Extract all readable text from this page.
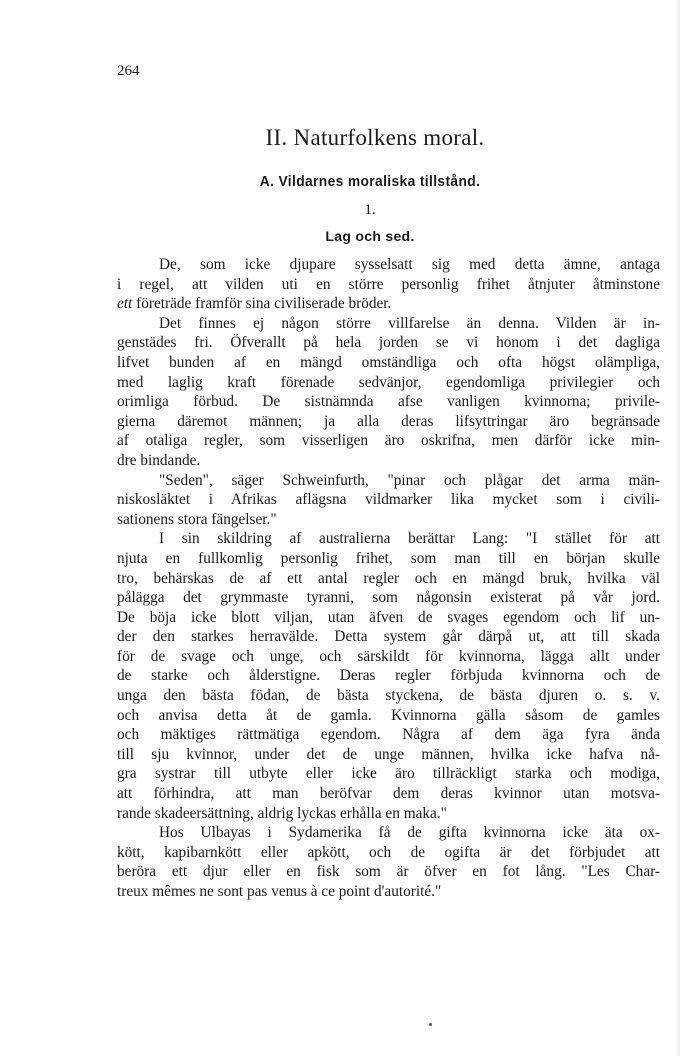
264
II. Naturfolkens moral.
A. Vildarnes moraliska tillstånd.
1.
Lag och sed.
De, som icke djupare sysselsatt sig med detta ämne, antaga
i regel, att vilden uti en större personlig frihet åtnjuter åtminstone
ett företräde framför sina civiliserade bröder.
Det finnes ej någon större villfarelse än denna. Vilden är in-
genstädes fri. Öfverallt på hela jorden se vi honom i det dagliga
lifvet bunden af en mängd omständliga och ofta högst olämpliga,
med laglig kraft förenade sedvänjor, egendomliga privilegier och
orimliga förbud. De sistnämnda afse vanligen kvinnorna; privile-
gierna däremot männen; ja alla deras lifsyttringar äro begränsade
af otaliga regler, som visserligen äro oskrifna, men därför icke min-
dre bindande.
"Seden", säger Schweinfurth, "pinar och plågar det arma män-
niskosläktet i Afrikas aflägsna vildmarker lika mycket som i civili-
sationens stora fängelser."
I sin skildring af australierna berättar Lang: "I stället för att
njuta en fullkomlig personlig frihet, som man till en början skulle
tro, behärskas de af ett antal regler och en mängd bruk, hvilka väl
pålägga det grymmaste tyranni, som någonsin existerat på vår jord.
De böja icke blott viljan, utan äfven de svages egendom och lif un-
der den starkes herravälde. Detta system går därpå ut, att till skada
för de svage och unge, och särskildt för kvinnorna, lägga allt under
de starke och ålderstigne. Deras regler förbjuda kvinnorna och de
unga den bästa födan, de bästa styckena, de bästa djuren o. s. v.
och anvisa detta åt de gamla. Kvinnorna gälla såsom de gamles
och mäktiges rättmätiga egendom. Några af dem äga fyra ända
till sju kvinnor, under det de unge männen, hvilka icke hafva nå-
gra systrar till utbyte eller icke äro tillräckligt starka och modiga,
att förhindra, att man beröfvar dem deras kvinnor utan motsva-
rande skadeersättning, aldrig lyckas erhålla en maka."
Hos Ulbayas i Sydamerika få de gifta kvinnorna icke äta ox-
kött, kapibarnkött eller apkött, och de ogifta är det förbjudet att
beröra ett djur eller en fisk som är öfver en fot lång. "Les Char-
treux mêmes ne sont pas venus à ce point d'autorité."
